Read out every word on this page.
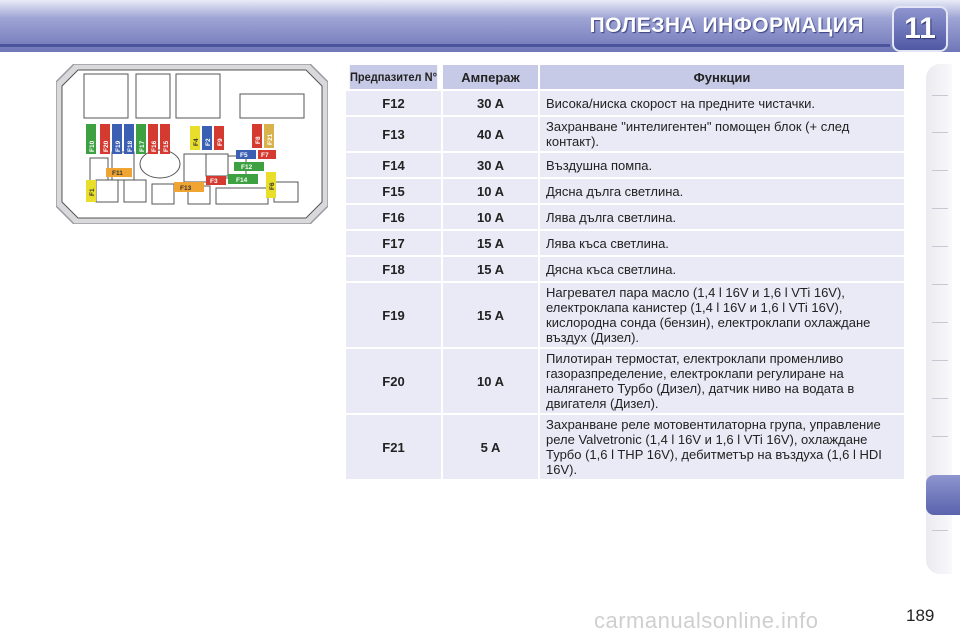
ПОЛЕЗНА ИНФОРМАЦИЯ	11
F10 F20 F19 F18 F17 F16 F15	F4 F2 F9	F8 F21
F5 F7
F12
F11
F3	F14
F13
F1
F6
Предпазител N°	Ампераж	Функции
F12	30 A	Висока/ниска скорост на предните чистачки.
F13	40 A	Захранване "интелигентен" помощен блок (+ след контакт).
F14	30 A	Въздушна помпа.
F15	10 A	Дясна дълга светлина.
F16	10 A	Лява дълга светлина.
F17	15 A	Лява къса светлина.
F18	15 A	Дясна къса светлина.
F19	15 A	Нагревател пара масло (1,4 l 16V и 1,6 l VTi 16V), електроклапа канистер (1,4 l 16V и 1,6 l VTi 16V), кислородна сонда (бензин), електроклапи охлаждане въздух (Дизел).
F20	10 A	Пилотиран термостат, електроклапи променливо газоразпределение, електроклапи регулиране на налягането Турбо (Дизел), датчик ниво на водата в двигателя (Дизел).
F21	5 A	Захранване реле мотовентилаторна група, управление реле Valvetronic (1,4 l 16V и 1,6 l VTi 16V), охлаждане Турбо (1,6 l THP 16V), дебитметър на въздуха (1,6 l HDI 16V).
carmanualsonline.info	189
